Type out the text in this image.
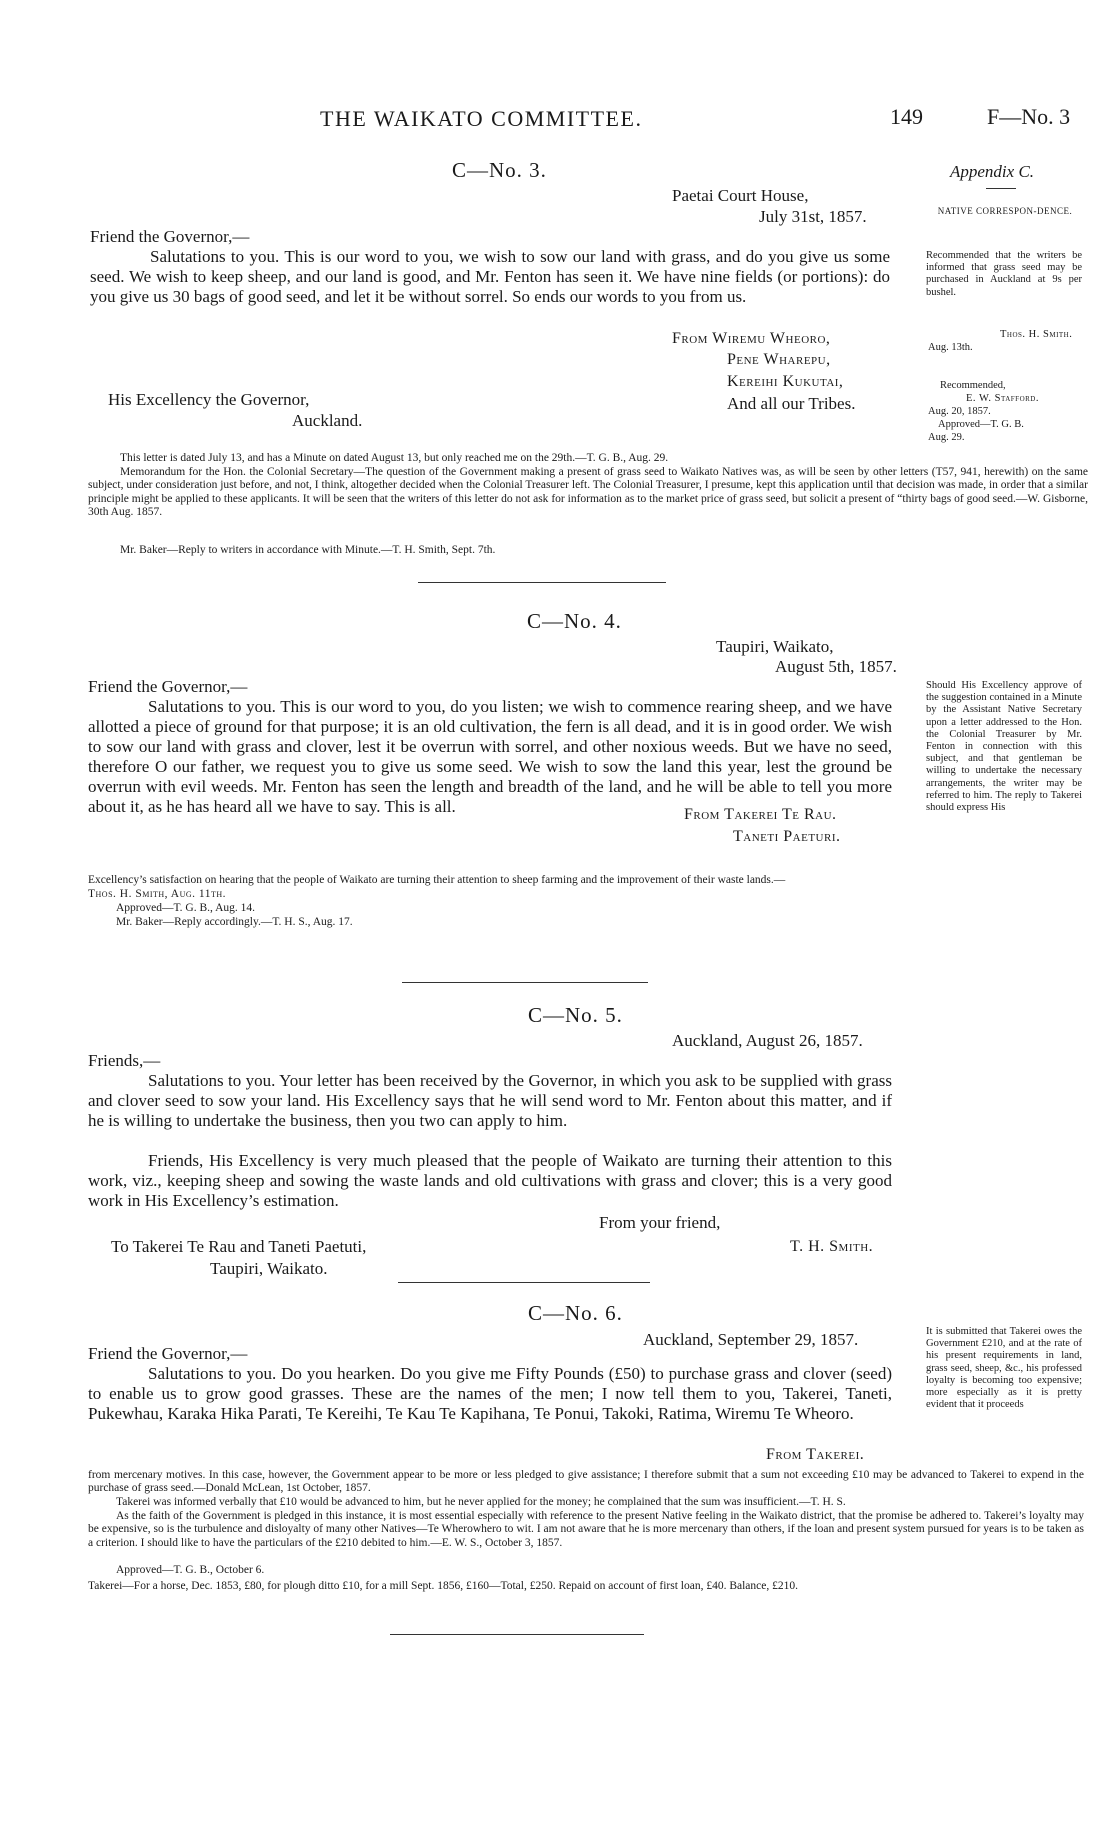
THE WAIKATO COMMITTEE.	149	F—No. 3
C—No. 3.	Appendix C.
Paetai Court House,
July 31st, 1857.	NATIVE CORRESPON-DENCE.
Friend the Governor,—
Salutations to you. This is our word to you, we wish to sow our land with grass, and do you give us some seed. We wish to keep sheep, and our land is good, and Mr. Fenton has seen it. We have nine fields (or portions): do you give us 30 bags of good seed, and let it be without sorrel. So ends our words to you from us.
Recommended that the writers be informed that grass seed may be purchased in Auckland at 9s per bushel.
Thos. H. Smith.
Aug. 13th.
Recommended,
E. W. Stafford.
Aug. 20, 1857.
Approved—T. G. B.
Aug. 29.
From Wiremu Wheoro,
Pene Wharepu,
Kereihi Kukutai,
And all our Tribes.
His Excellency the Governor,
Auckland.
This letter is dated July 13, and has a Minute on dated August 13, but only reached me on the 29th.—T. G. B., Aug. 29.
Memorandum for the Hon. the Colonial Secretary—The question of the Government making a present of grass seed to Waikato Natives was, as will be seen by other letters (T57, 941, herewith) on the same subject, under consideration just before, and not, I think, altogether decided when the Colonial Treasurer left. The Colonial Treasurer, I presume, kept this application until that decision was made, in order that a similar principle might be applied to these applicants. It will be seen that the writers of this letter do not ask for information as to the market price of grass seed, but solicit a present of “thirty bags of good seed.—W. Gisborne, 30th Aug. 1857.
Mr. Baker—Reply to writers in accordance with Minute.—T. H. Smith, Sept. 7th.
C—No. 4.
Taupiri, Waikato,
August 5th, 1857.
Friend the Governor,—
Salutations to you. This is our word to you, do you listen; we wish to commence rearing sheep, and we have allotted a piece of ground for that purpose; it is an old cultivation, the fern is all dead, and it is in good order. We wish to sow our land with grass and clover, lest it be overrun with sorrel, and other noxious weeds. But we have no seed, therefore O our father, we request you to give us some seed. We wish to sow the land this year, lest the ground be overrun with evil weeds. Mr. Fenton has seen the length and breadth of the land, and he will be able to tell you more about it, as he has heard all we have to say. This is all.
Should His Excellency approve of the suggestion contained in a Minute by the Assistant Native Secretary upon a letter addressed to the Hon. the Colonial Treasurer by Mr. Fenton in connection with this subject, and that gentleman be willing to undertake the necessary arrangements, the writer may be referred to him. The reply to Takerei should express His
From Takerei Te Rau.
Taneti Paeturi.
Excellency’s satisfaction on hearing that the people of Waikato are turning their attention to sheep farming and the improvement of their waste lands.—
Thos. H. Smith, Aug. 11th.
Approved—T. G. B., Aug. 14.
Mr. Baker—Reply accordingly.—T. H. S., Aug. 17.
C—No. 5.
Auckland, August 26, 1857.
Friends,—
Salutations to you. Your letter has been received by the Governor, in which you ask to be supplied with grass and clover seed to sow your land. His Excellency says that he will send word to Mr. Fenton about this matter, and if he is willing to undertake the business, then you two can apply to him.
Friends, His Excellency is very much pleased that the people of Waikato are turning their attention to this work, viz., keeping sheep and sowing the waste lands and old cultivations with grass and clover; this is a very good work in His Excellency’s estimation.
From your friend,
T. H. Smith.
To Takerei Te Rau and Taneti Paetuti,
Taupiri, Waikato.
C—No. 6.
Auckland, September 29, 1857.	It is submitted that Takerei owes the Government £210, and at the rate of his present requirements in land, grass seed, sheep, &c., his professed loyalty is becoming too expensive; more especially as it is pretty evident that it proceeds
Friend the Governor,—
Salutations to you. Do you hearken. Do you give me Fifty Pounds (£50) to purchase grass and clover (seed) to enable us to grow good grasses. These are the names of the men; I now tell them to you, Takerei, Taneti, Pukewhau, Karaka Hika Parati, Te Kereihi, Te Kau Te Kapihana, Te Ponui, Takoki, Ratima, Wiremu Te Wheoro.
From Takerei.
from mercenary motives. In this case, however, the Government appear to be more or less pledged to give assistance; I therefore submit that a sum not exceeding £10 may be advanced to Takerei to expend in the purchase of grass seed.—Donald McLean, 1st October, 1857.
Takerei was informed verbally that £10 would be advanced to him, but he never applied for the money; he complained that the sum was insufficient.—T. H. S.
As the faith of the Government is pledged in this instance, it is most essential especially with reference to the present Native feeling in the Waikato district, that the promise be adhered to. Takerei’s loyalty may be expensive, so is the turbulence and disloyalty of many other Natives—Te Wherowhero to wit. I am not aware that he is more mercenary than others, if the loan and present system pursued for years is to be taken as a criterion. I should like to have the particulars of the £210 debited to him.—E. W. S., October 3, 1857.
Approved—T. G. B., October 6.
Takerei—For a horse, Dec. 1853, £80, for plough ditto £10, for a mill Sept. 1856, £160—Total, £250. Repaid on account of first loan, £40. Balance, £210.
